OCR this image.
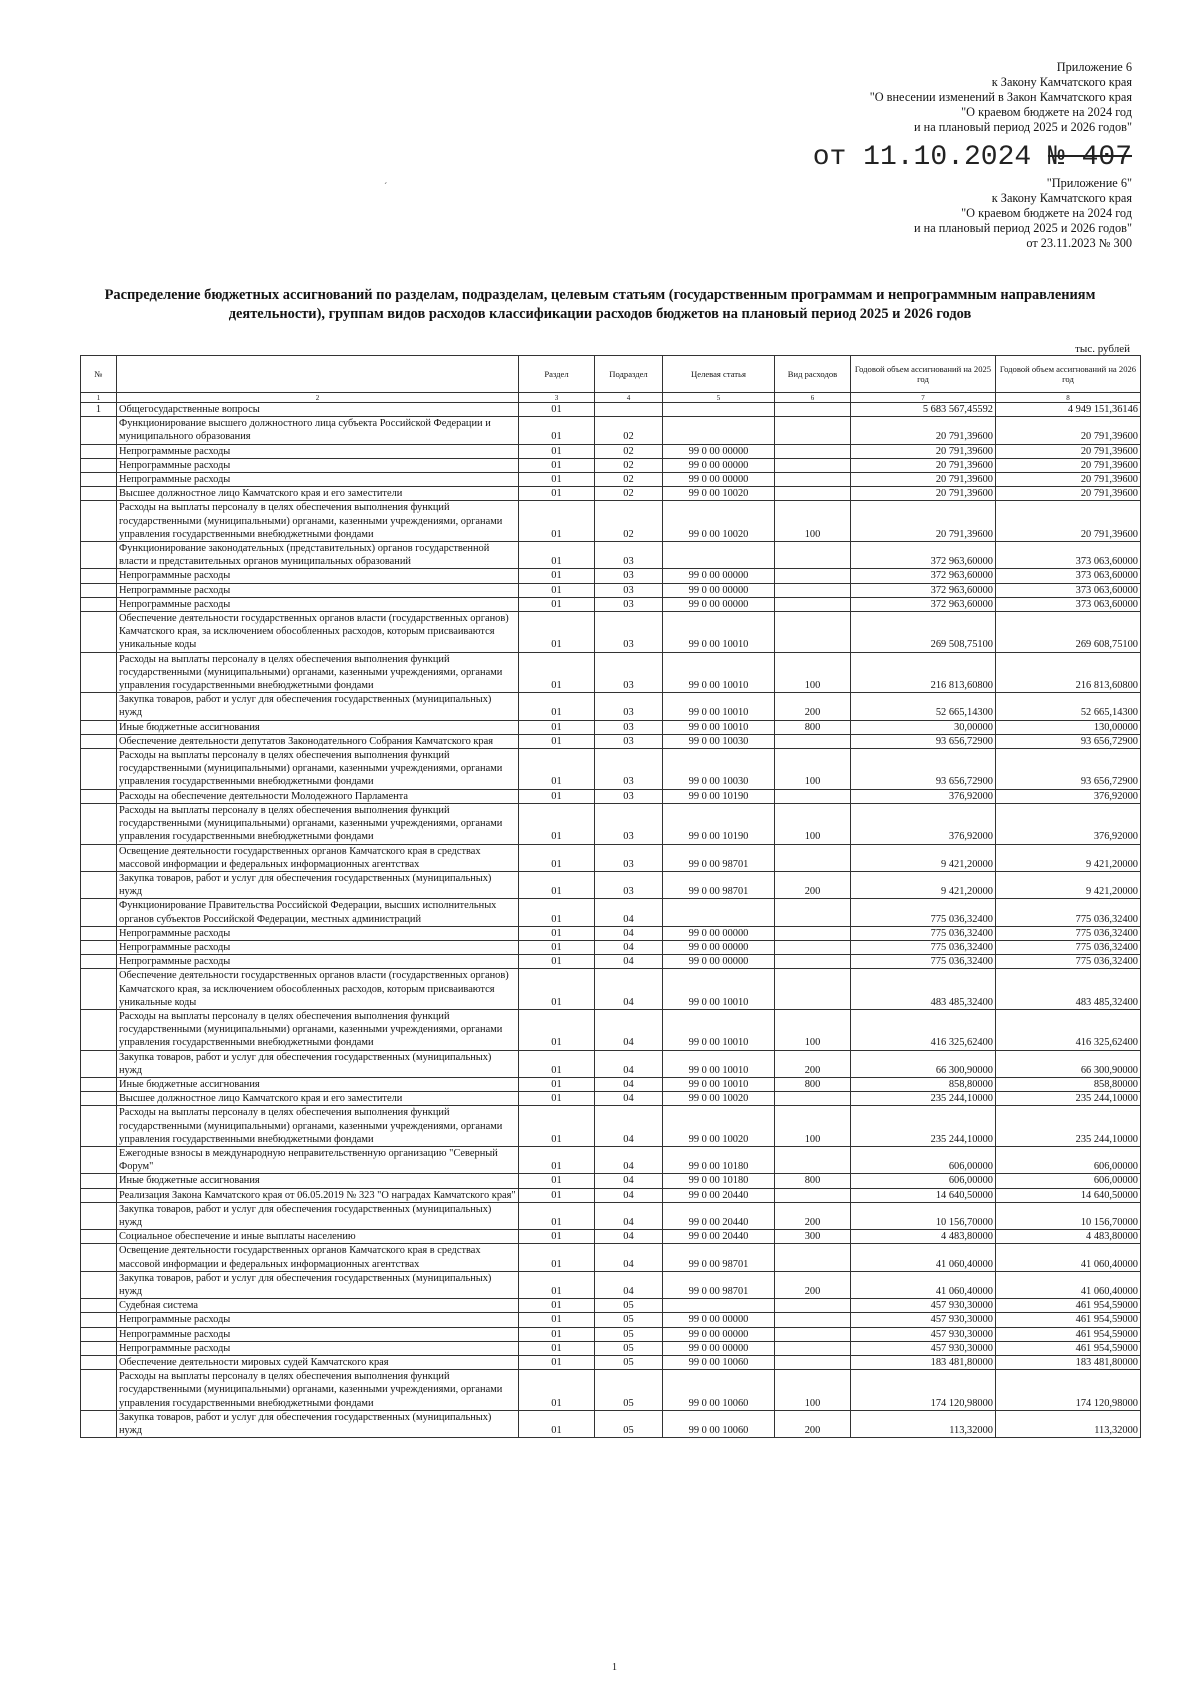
Приложение 6
к Закону Камчатского края
"О внесении изменений в Закон Камчатского края
"О краевом бюджете на 2024 год
и на плановый период 2025 и 2026 годов"
от 11.10.2024 № 407
ˊ	"Приложение 6"
к Закону Камчатского края
"О краевом бюджете на 2024 год
и на плановый период 2025 и 2026 годов"
от 23.11.2023 № 300
Распределение бюджетных ассигнований по разделам, подразделам, целевым статьям (государственным программам и непрограммным направлениям деятельности), группам видов расходов классификации расходов бюджетов на плановый период 2025 и 2026 годов
тыс. рублей
№		Раздел	Подраздел	Целевая статья	Вид расходов	Годовой объем ассигнований на 2025 год	Годовой объем ассигнований на 2026 год
1	2	3	4	5	6	7	8
1	Общегосударственные вопросы	01				5 683 567,45592	4 949 151,36146
	Функционирование высшего должностного лица субъекта Российской Федерации и муниципального образования	01	02			20 791,39600	20 791,39600
	Непрограммные расходы	01	02	99 0 00 00000		20 791,39600	20 791,39600
	Непрограммные расходы	01	02	99 0 00 00000		20 791,39600	20 791,39600
	Непрограммные расходы	01	02	99 0 00 00000		20 791,39600	20 791,39600
	Высшее должностное лицо Камчатского края и его заместители	01	02	99 0 00 10020		20 791,39600	20 791,39600
	Расходы на выплаты персоналу в целях обеспечения выполнения функций государственными (муниципальными) органами, казенными учреждениями, органами управления государственными внебюджетными фондами	01	02	99 0 00 10020	100	20 791,39600	20 791,39600
	Функционирование законодательных (представительных) органов государственной власти и представительных органов муниципальных образований	01	03			372 963,60000	373 063,60000
	Непрограммные расходы	01	03	99 0 00 00000		372 963,60000	373 063,60000
	Непрограммные расходы	01	03	99 0 00 00000		372 963,60000	373 063,60000
	Непрограммные расходы	01	03	99 0 00 00000		372 963,60000	373 063,60000
	Обеспечение деятельности государственных органов власти (государственных органов) Камчатского края, за исключением обособленных расходов, которым присваиваются уникальные коды	01	03	99 0 00 10010		269 508,75100	269 608,75100
	Расходы на выплаты персоналу в целях обеспечения выполнения функций государственными (муниципальными) органами, казенными учреждениями, органами управления государственными внебюджетными фондами	01	03	99 0 00 10010	100	216 813,60800	216 813,60800
	Закупка товаров, работ и услуг для обеспечения государственных (муниципальных) нужд	01	03	99 0 00 10010	200	52 665,14300	52 665,14300
	Иные бюджетные ассигнования	01	03	99 0 00 10010	800	30,00000	130,00000
	Обеспечение деятельности депутатов Законодательного Собрания Камчатского края	01	03	99 0 00 10030		93 656,72900	93 656,72900
	Расходы на выплаты персоналу в целях обеспечения выполнения функций государственными (муниципальными) органами, казенными учреждениями, органами управления государственными внебюджетными фондами	01	03	99 0 00 10030	100	93 656,72900	93 656,72900
	Расходы на обеспечение деятельности Молодежного Парламента	01	03	99 0 00 10190		376,92000	376,92000
	Расходы на выплаты персоналу в целях обеспечения выполнения функций государственными (муниципальными) органами, казенными учреждениями, органами управления государственными внебюджетными фондами	01	03	99 0 00 10190	100	376,92000	376,92000
	Освещение деятельности государственных органов Камчатского края в средствах массовой информации и федеральных информационных агентствах	01	03	99 0 00 98701		9 421,20000	9 421,20000
	Закупка товаров, работ и услуг для обеспечения государственных (муниципальных) нужд	01	03	99 0 00 98701	200	9 421,20000	9 421,20000
	Функционирование Правительства Российской Федерации, высших исполнительных органов субъектов Российской Федерации, местных администраций	01	04			775 036,32400	775 036,32400
	Непрограммные расходы	01	04	99 0 00 00000		775 036,32400	775 036,32400
	Непрограммные расходы	01	04	99 0 00 00000		775 036,32400	775 036,32400
	Непрограммные расходы	01	04	99 0 00 00000		775 036,32400	775 036,32400
	Обеспечение деятельности государственных органов власти (государственных органов) Камчатского края, за исключением обособленных расходов, которым присваиваются уникальные коды	01	04	99 0 00 10010		483 485,32400	483 485,32400
	Расходы на выплаты персоналу в целях обеспечения выполнения функций государственными (муниципальными) органами, казенными учреждениями, органами управления государственными внебюджетными фондами	01	04	99 0 00 10010	100	416 325,62400	416 325,62400
	Закупка товаров, работ и услуг для обеспечения государственных (муниципальных) нужд	01	04	99 0 00 10010	200	66 300,90000	66 300,90000
	Иные бюджетные ассигнования	01	04	99 0 00 10010	800	858,80000	858,80000
	Высшее должностное лицо Камчатского края и его заместители	01	04	99 0 00 10020		235 244,10000	235 244,10000
	Расходы на выплаты персоналу в целях обеспечения выполнения функций государственными (муниципальными) органами, казенными учреждениями, органами управления государственными внебюджетными фондами	01	04	99 0 00 10020	100	235 244,10000	235 244,10000
	Ежегодные взносы в международную неправительственную организацию "Северный Форум"	01	04	99 0 00 10180		606,00000	606,00000
	Иные бюджетные ассигнования	01	04	99 0 00 10180	800	606,00000	606,00000
	Реализация Закона Камчатского края от 06.05.2019 № 323 "О наградах Камчатского края"	01	04	99 0 00 20440		14 640,50000	14 640,50000
	Закупка товаров, работ и услуг для обеспечения государственных (муниципальных) нужд	01	04	99 0 00 20440	200	10 156,70000	10 156,70000
	Социальное обеспечение и иные выплаты населению	01	04	99 0 00 20440	300	4 483,80000	4 483,80000
	Освещение деятельности государственных органов Камчатского края в средствах массовой информации и федеральных информационных агентствах	01	04	99 0 00 98701		41 060,40000	41 060,40000
	Закупка товаров, работ и услуг для обеспечения государственных (муниципальных) нужд	01	04	99 0 00 98701	200	41 060,40000	41 060,40000
	Судебная система	01	05			457 930,30000	461 954,59000
	Непрограммные расходы	01	05	99 0 00 00000		457 930,30000	461 954,59000
	Непрограммные расходы	01	05	99 0 00 00000		457 930,30000	461 954,59000
	Непрограммные расходы	01	05	99 0 00 00000		457 930,30000	461 954,59000
	Обеспечение деятельности мировых судей Камчатского края	01	05	99 0 00 10060		183 481,80000	183 481,80000
	Расходы на выплаты персоналу в целях обеспечения выполнения функций государственными (муниципальными) органами, казенными учреждениями, органами управления государственными внебюджетными фондами	01	05	99 0 00 10060	100	174 120,98000	174 120,98000
	Закупка товаров, работ и услуг для обеспечения государственных (муниципальных) нужд	01	05	99 0 00 10060	200	113,32000	113,32000
1
